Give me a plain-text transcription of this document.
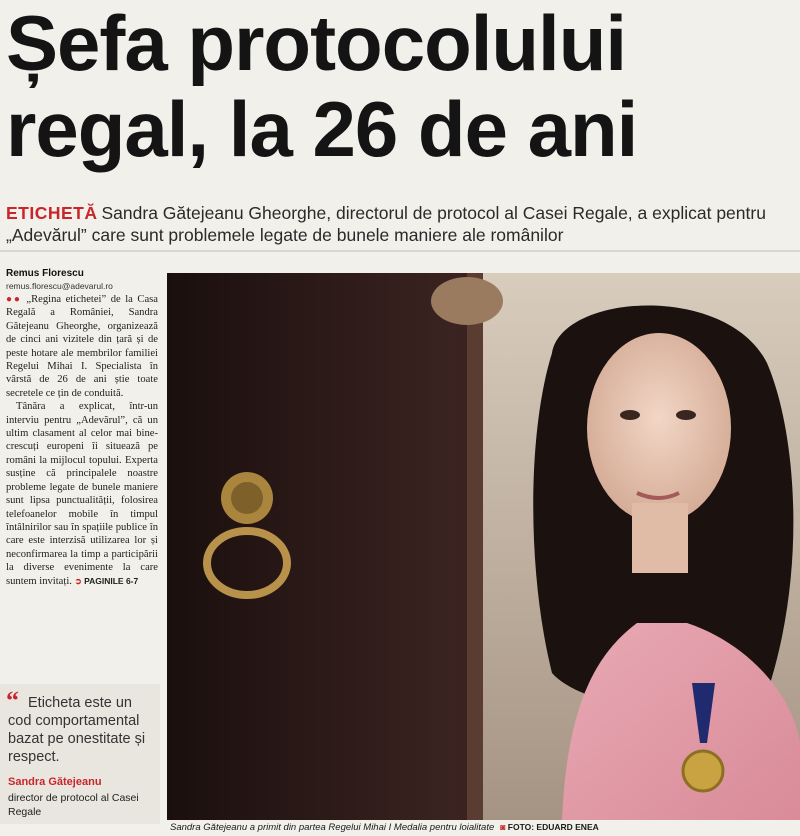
Șefa protocolului
regal, la 26 de ani

ETICHETĂ Sandra Gătejeanu Gheorghe, directorul de protocol al Casei Regale, a explicat pentru „Adevărul” care sunt problemele legate de bunele maniere ale românilor

Remus Florescu
remus.florescu@adevarul.ro

●● „Regina etichetei” de la Casa Regală a României, Sandra Gătejeanu Gheorghe, organizează de cinci ani vizitele din țară și de peste hotare ale membrilor familiei Regelui Mihai I. Specialista în vârstă de 26 de ani știe toate secretele ce țin de conduită.

Tânăra a explicat, într-un interviu pentru „Adevărul”, că un ultim clasament al celor mai bine-crescuți europeni îi situează pe români la mijlocul topului. Experta susține că principalele noastre probleme legate de bunele maniere sunt lipsa punctualității, folosirea telefoanelor mobile în timpul întâlnirilor sau în spațiile publice în care este interzisă utilizarea lor și neconfirmarea la timp a participării la diverse evenimente la care suntem invitați. ➲ PAGINILE 6-7

“ Eticheta este un cod comportamental bazat pe onestitate și respect.
Sandra Gătejeanu
director de protocol al Casei Regale
Sandra Gătejeanu a primit din partea Regelui Mihai I Medalia pentru loialitate ◙ FOTO: EDUARD ENEA
